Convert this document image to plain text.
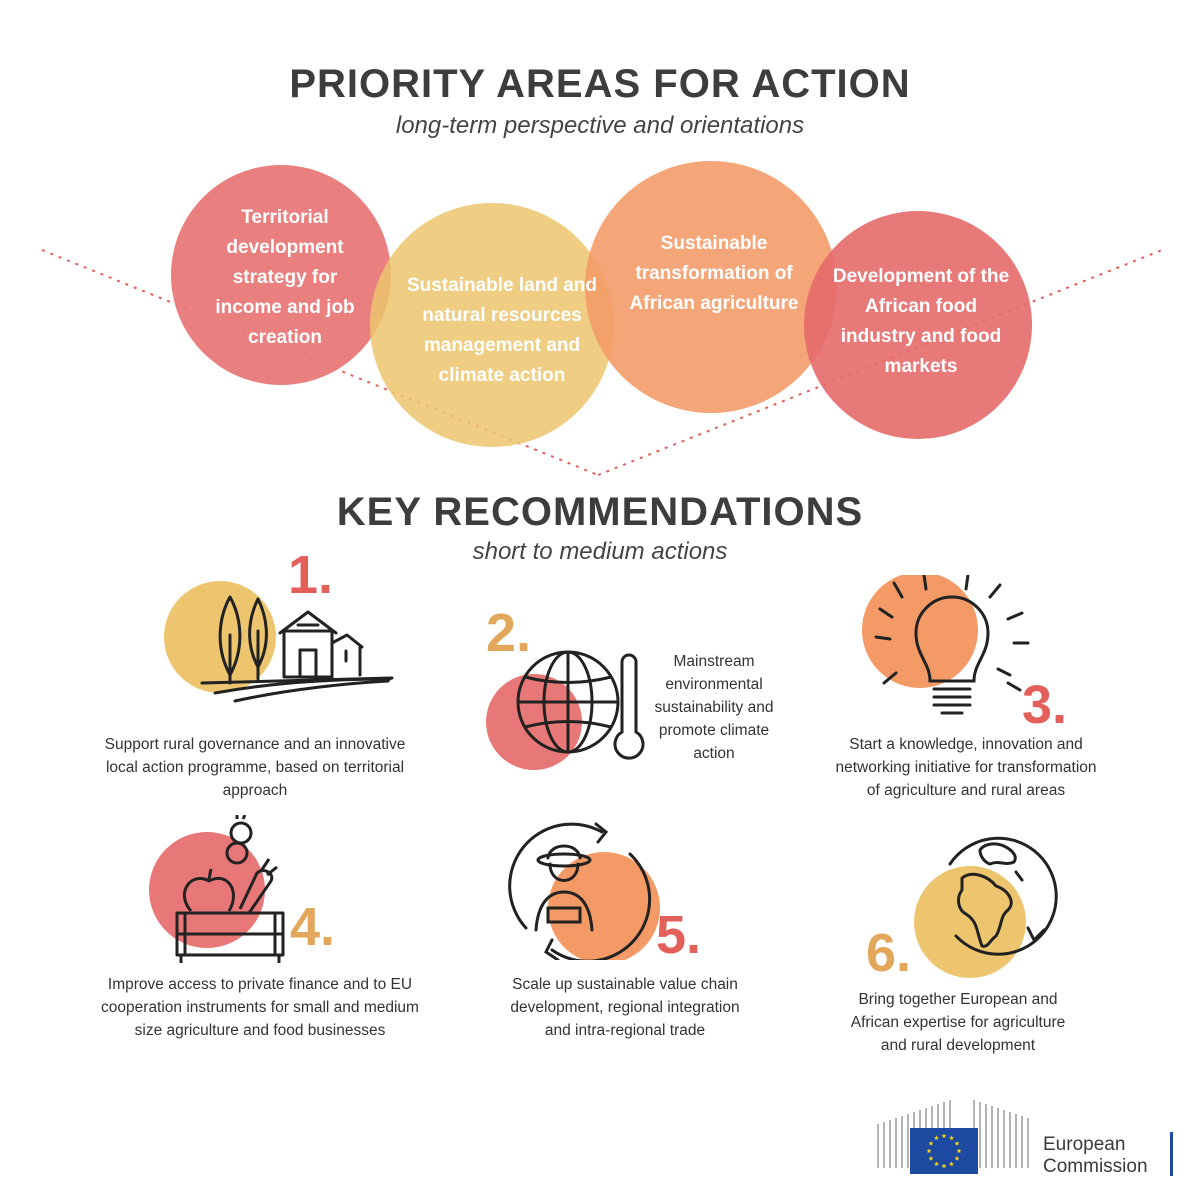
PRIORITY AREAS FOR ACTION
long-term perspective and orientations
Territorial development strategy for income and job creation
Sustainable land and natural resources management and climate action
Sustainable transformation of African agriculture
Development of the African food industry and food markets
KEY RECOMMENDATIONS
short to medium actions
1.
Support rural governance and an innovative local action programme, based on territorial approach
2.	Mainstream environmental sustainability and promote climate action
3.
Start a knowledge, innovation and networking initiative for transformation of agriculture and rural areas
4.
Improve access to private finance and to EU cooperation instruments for small and medium size agriculture and food businesses
5.
Scale up sustainable value chain development, regional integration and intra-regional trade
6.
Bring together European and African expertise for agriculture and rural development
European
Commission
